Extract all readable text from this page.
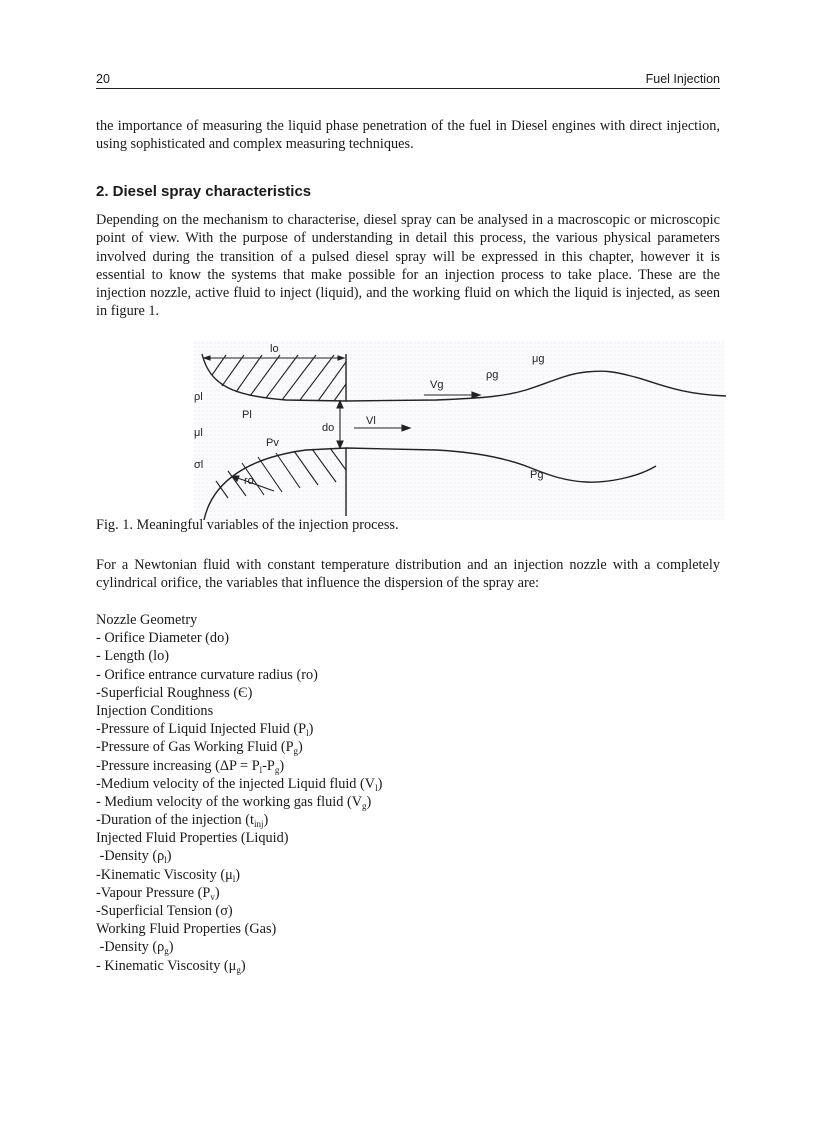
20	Fuel Injection

the importance of measuring the liquid phase penetration of the fuel in Diesel engines with direct injection, using sophisticated and complex measuring techniques.

2. Diesel spray characteristics

Depending on the mechanism to characterise, diesel spray can be analysed in a macroscopic or microscopic point of view. With the purpose of understanding in detail this process, the various physical parameters involved during the transition of a pulsed diesel spray will be expressed in this chapter, however it is essential to know the systems that make possible for an injection process to take place. These are the injection nozzle, active fluid to inject (liquid), and the working fluid on which the liquid is injected, as seen in figure 1.

lo
ρl
μl
σl
Pl
Pv
do
ro
Vl
Vg
ρg
μg
Pg

Fig. 1. Meaningful variables of the injection process.

For a Newtonian fluid with constant temperature distribution and an injection nozzle with a completely cylindrical orifice, the variables that influence the dispersion of the spray are:

Nozzle Geometry
- Orifice Diameter (do)
- Length (lo)
- Orifice entrance curvature radius (ro)
-Superficial Roughness (Є)
Injection Conditions
-Pressure of Liquid Injected Fluid $(P_l)$
-Pressure of Gas Working Fluid $(P_g)$
-Pressure increasing $(\Delta P = P_l-P_g)$
-Medium velocity of the injected Liquid fluid $(V_l)$
- Medium velocity of the working gas fluid $(V_g)$
-Duration of the injection $(t_{inj})$
Injected Fluid Properties (Liquid)
-Density $(\rho_l)$
-Kinematic Viscosity $(\mu_l)$
-Vapour Pressure $(P_v)$
-Superficial Tension (σ)
Working Fluid Properties (Gas)
-Density $(\rho_g)$
- Kinematic Viscosity $(\mu_g)$
